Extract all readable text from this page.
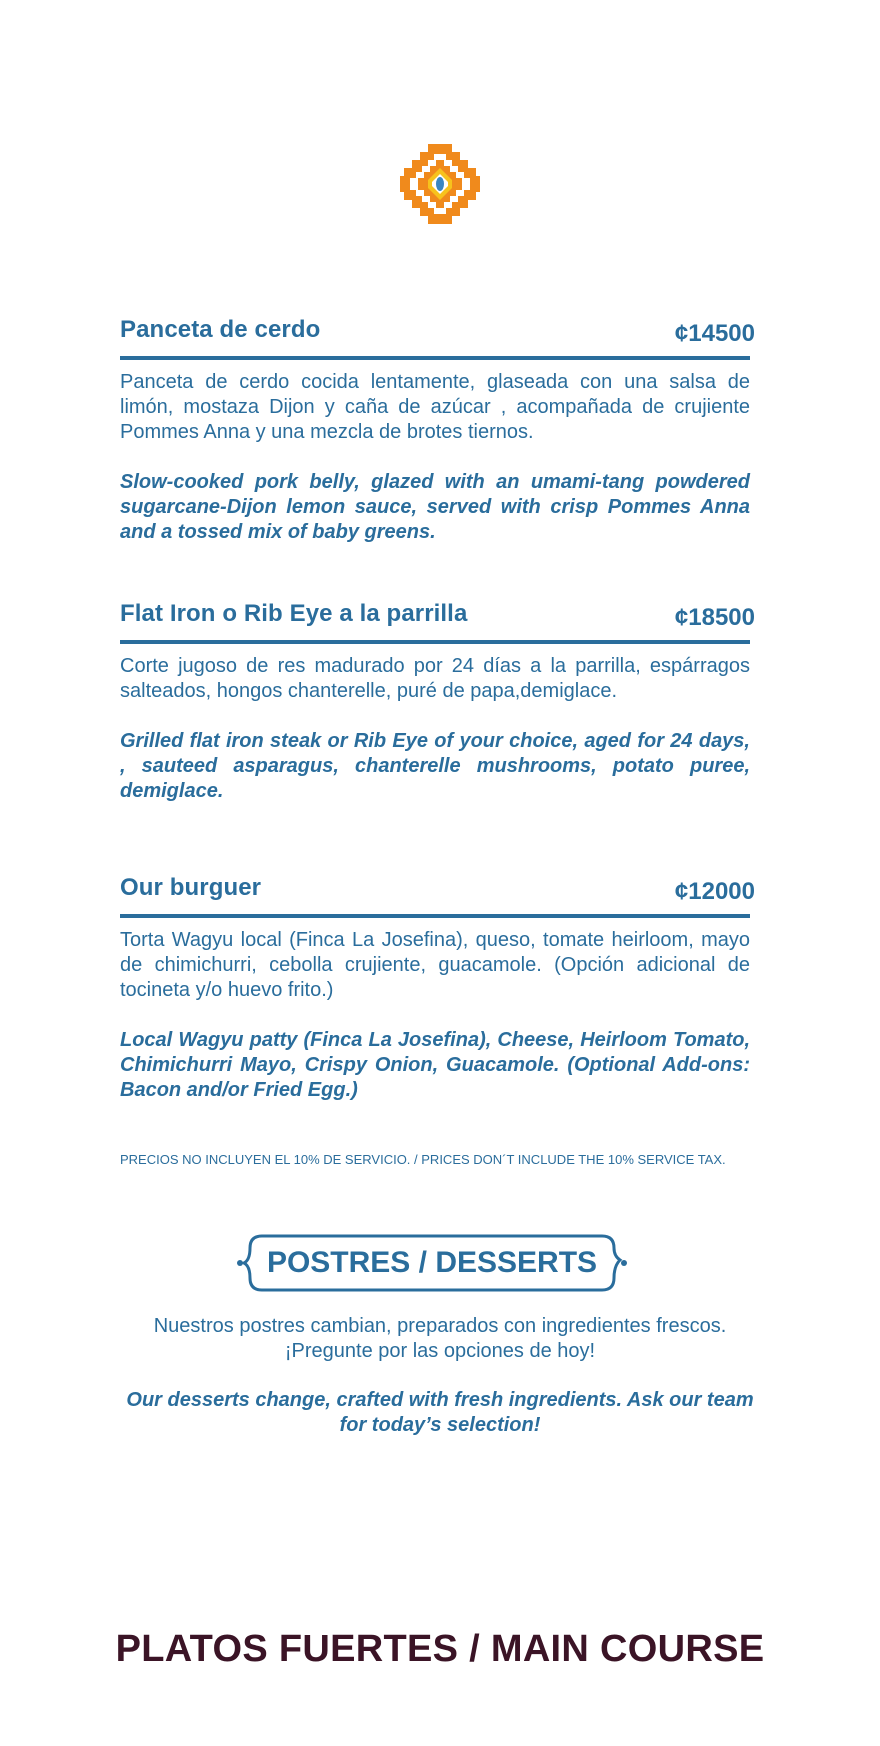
Panceta de cerdo	¢14500
Panceta de cerdo cocida lentamente, glaseada con una salsa de limón, mostaza Dijon y caña de azúcar , acompañada de crujiente Pommes Anna y una mezcla de brotes tiernos.
Slow-cooked pork belly, glazed with an umami-tang powdered sugarcane-Dijon lemon sauce, served with crisp Pommes Anna and a tossed mix of baby greens.
Flat Iron o Rib Eye a la parrilla	¢18500
Corte jugoso de res madurado por 24 días a la parrilla, espárragos salteados, hongos chanterelle, puré de papa,demiglace.
Grilled flat iron steak or Rib Eye of your choice, aged for 24 days, , sauteed asparagus, chanterelle mushrooms, potato puree, demiglace.
Our burguer	¢12000
Torta Wagyu local (Finca La Josefina), queso, tomate heirloom, mayo de chimichurri, cebolla crujiente, guacamole. (Opción adicional de tocineta y/o huevo frito.)
Local Wagyu patty (Finca La Josefina), Cheese, Heirloom Tomato, Chimichurri Mayo, Crispy Onion, Guacamole. (Optional Add-ons: Bacon and/or Fried Egg.)
PRECIOS NO INCLUYEN EL 10% DE SERVICIO. / PRICES DON´T INCLUDE THE 10% SERVICE TAX.
POSTRES / DESSERTS
Nuestros postres cambian, preparados con ingredientes frescos. ¡Pregunte por las opciones de hoy!
Our desserts change, crafted with fresh ingredients. Ask our team for today’s selection!
PLATOS FUERTES / MAIN COURSE
